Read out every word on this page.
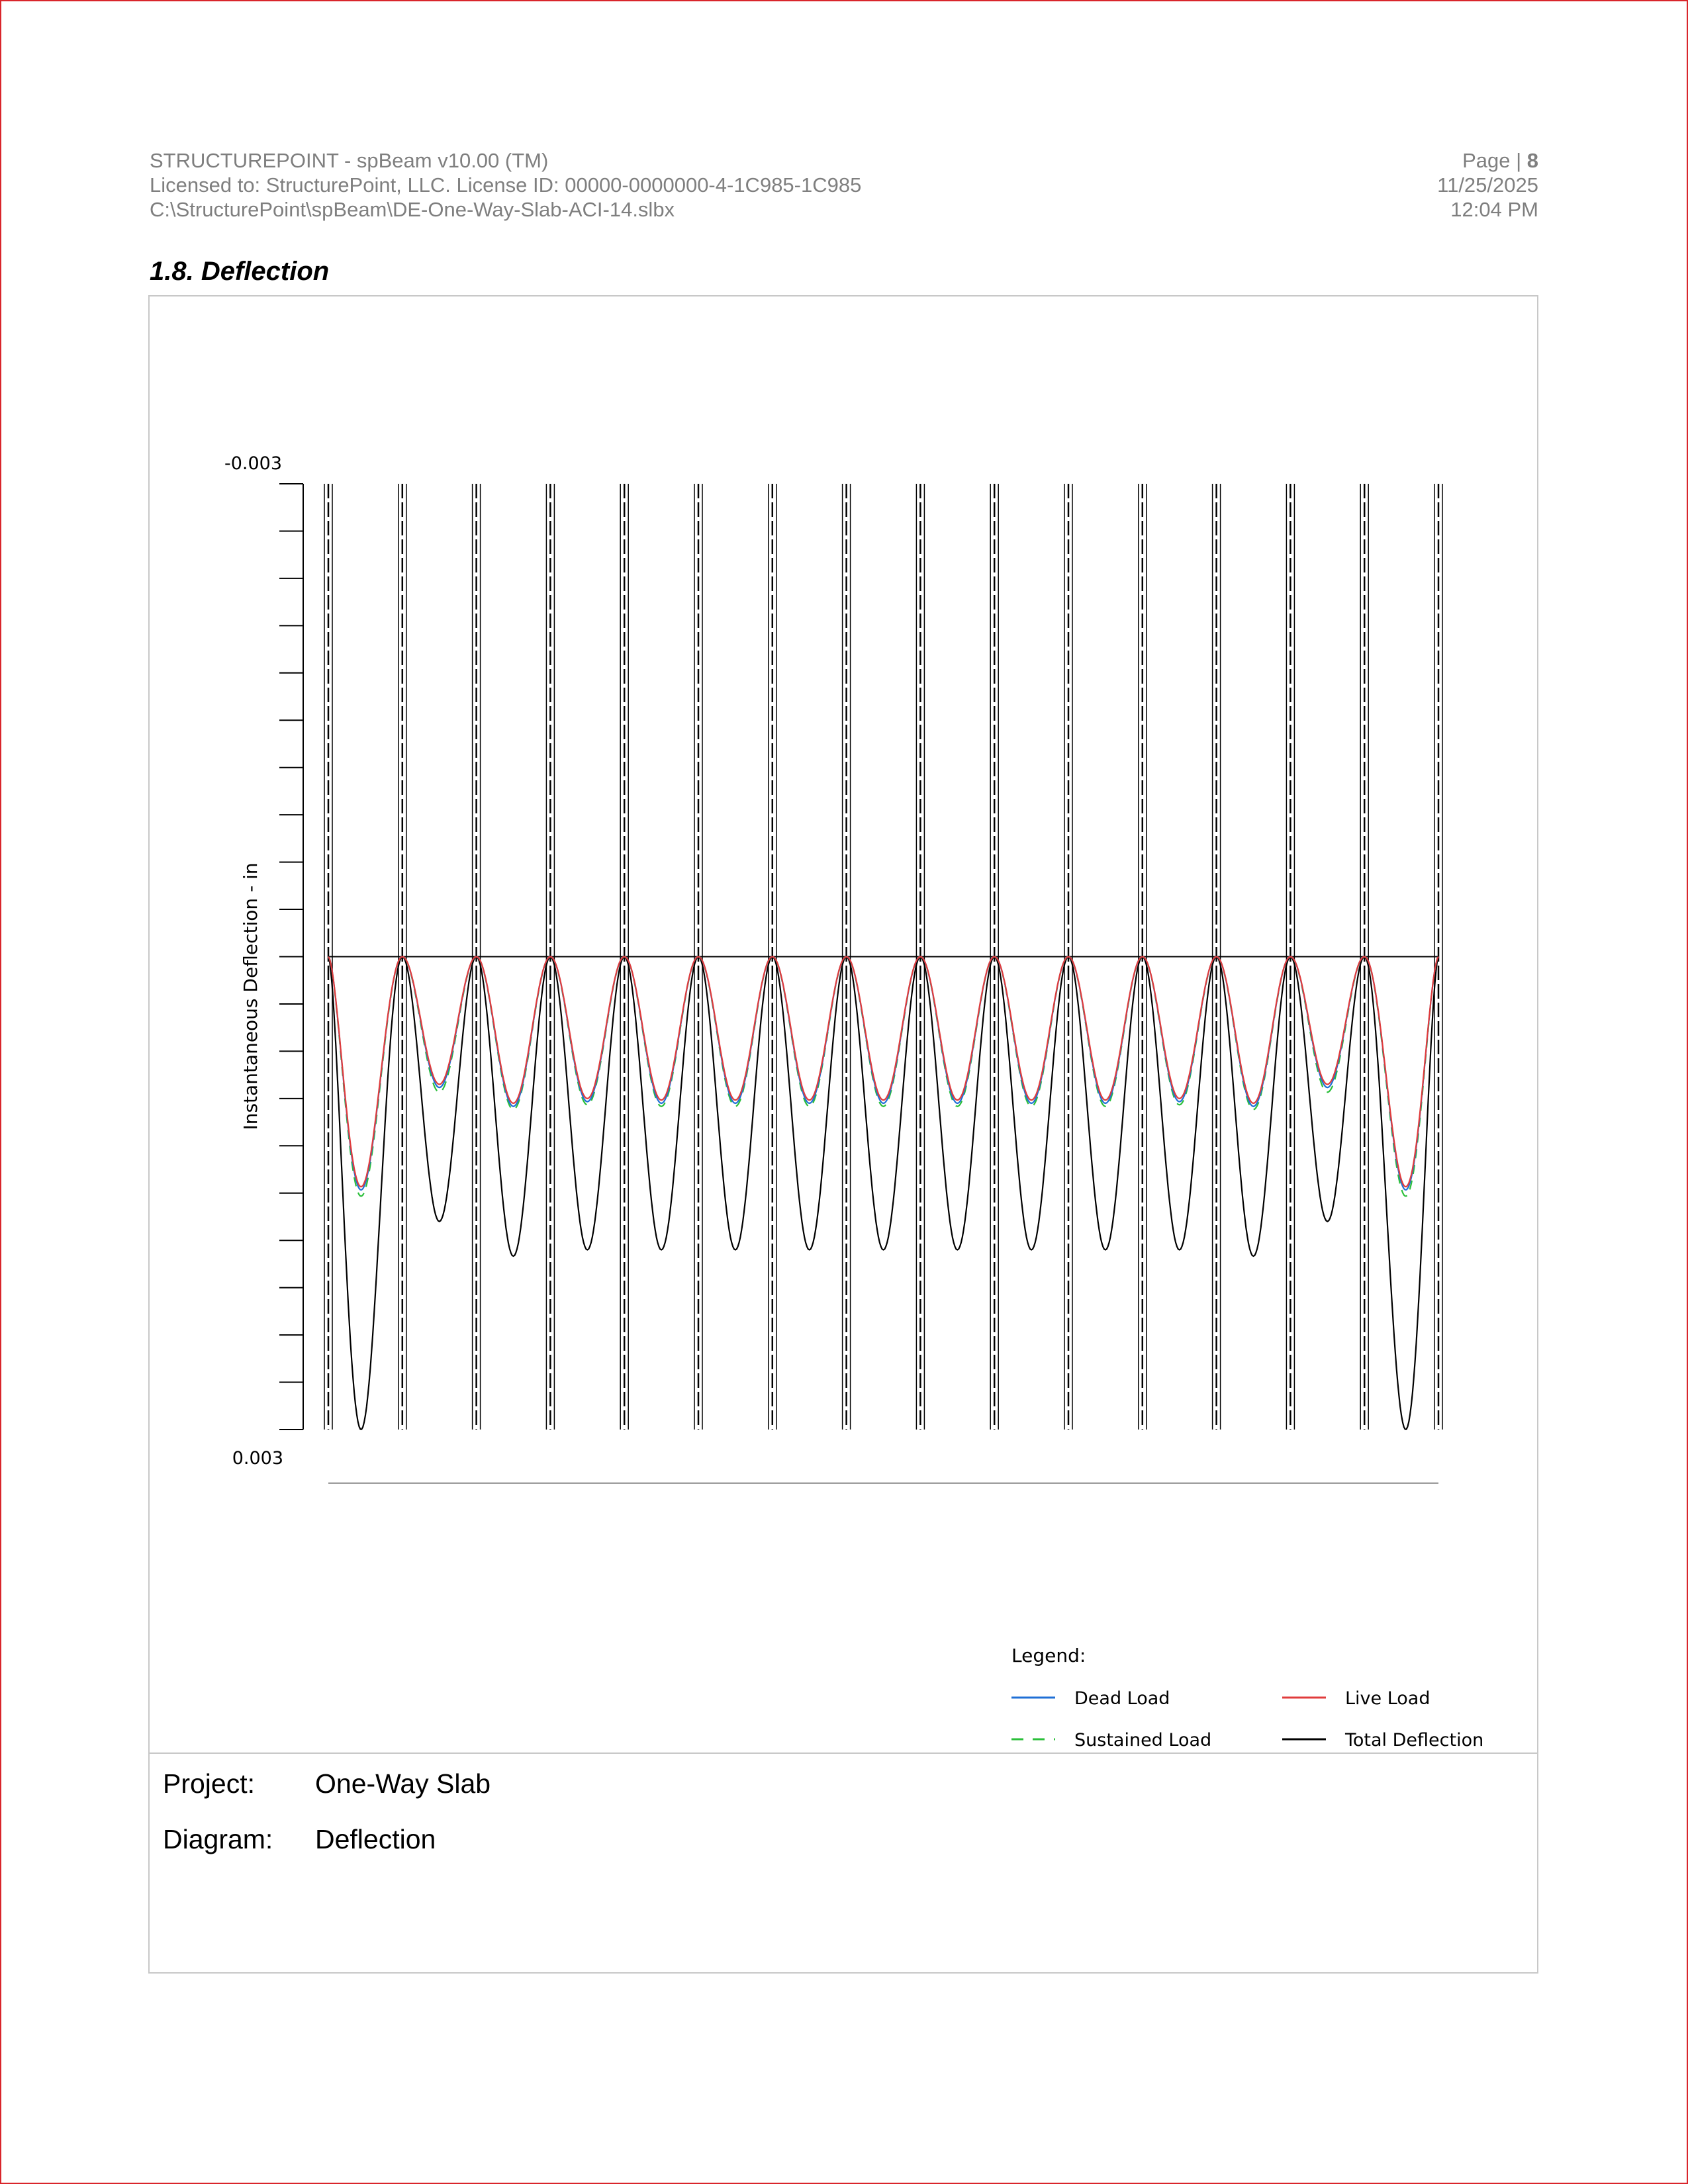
STRUCTUREPOINT - spBeam v10.00 (TM)
Licensed to: StructurePoint, LLC. License ID: 00000-0000000-4-1C985-1C985
C:\StructurePoint\spBeam\DE-One-Way-Slab-ACI-14.slbx
Page | 8
11/25/2025
12:04 PM
1.8. Deflection
-0.003
0.003
Instantaneous Deflection - in
Legend:
Dead Load	Live Load
Sustained Load	Total Deflection
Project: One-Way Slab
Diagram: Deflection
